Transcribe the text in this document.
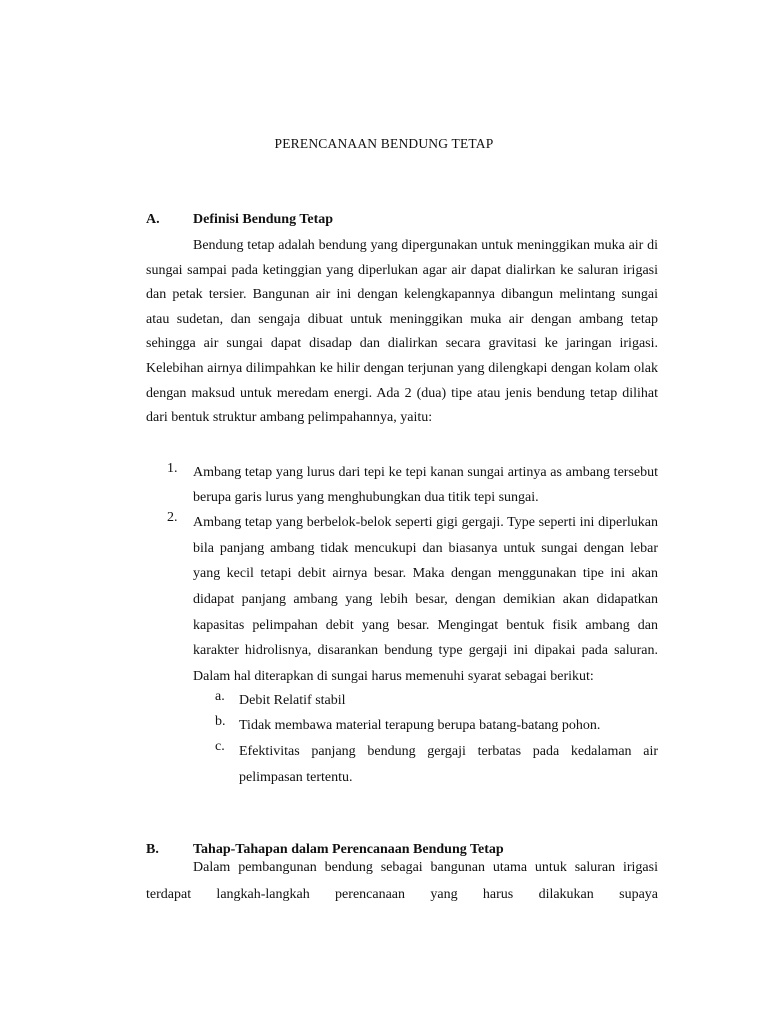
PERENCANAAN BENDUNG TETAP
A. Definisi Bendung Tetap
Bendung tetap adalah bendung yang dipergunakan untuk meninggikan muka air di sungai sampai pada ketinggian yang diperlukan agar air dapat dialirkan ke saluran irigasi dan petak tersier. Bangunan air ini dengan kelengkapannya dibangun melintang sungai atau sudetan, dan sengaja dibuat untuk meninggikan muka air dengan ambang tetap sehingga air sungai dapat disadap dan dialirkan secara gravitasi ke jaringan irigasi. Kelebihan airnya dilimpahkan ke hilir dengan terjunan yang dilengkapi dengan kolam olak dengan maksud untuk meredam energi. Ada 2 (dua) tipe atau jenis bendung tetap dilihat dari bentuk struktur ambang pelimpahannya, yaitu:
1. Ambang tetap yang lurus dari tepi ke tepi kanan sungai artinya as ambang tersebut berupa garis lurus yang menghubungkan dua titik tepi sungai.
2. Ambang tetap yang berbelok-belok seperti gigi gergaji. Type seperti ini diperlukan bila panjang ambang tidak mencukupi dan biasanya untuk sungai dengan lebar yang kecil tetapi debit airnya besar. Maka dengan menggunakan tipe ini akan didapat panjang ambang yang lebih besar, dengan demikian akan didapatkan kapasitas pelimpahan debit yang besar. Mengingat bentuk fisik ambang dan karakter hidrolisnya, disarankan bendung type gergaji ini dipakai pada saluran. Dalam hal diterapkan di sungai harus memenuhi syarat sebagai berikut:
a. Debit Relatif stabil
b. Tidak membawa material terapung berupa batang-batang pohon.
c. Efektivitas panjang bendung gergaji terbatas pada kedalaman air pelimpasan tertentu.
B. Tahap-Tahapan dalam Perencanaan Bendung Tetap
Dalam pembangunan bendung sebagai bangunan utama untuk saluran irigasi terdapat langkah-langkah perencanaan yang harus dilakukan supaya
